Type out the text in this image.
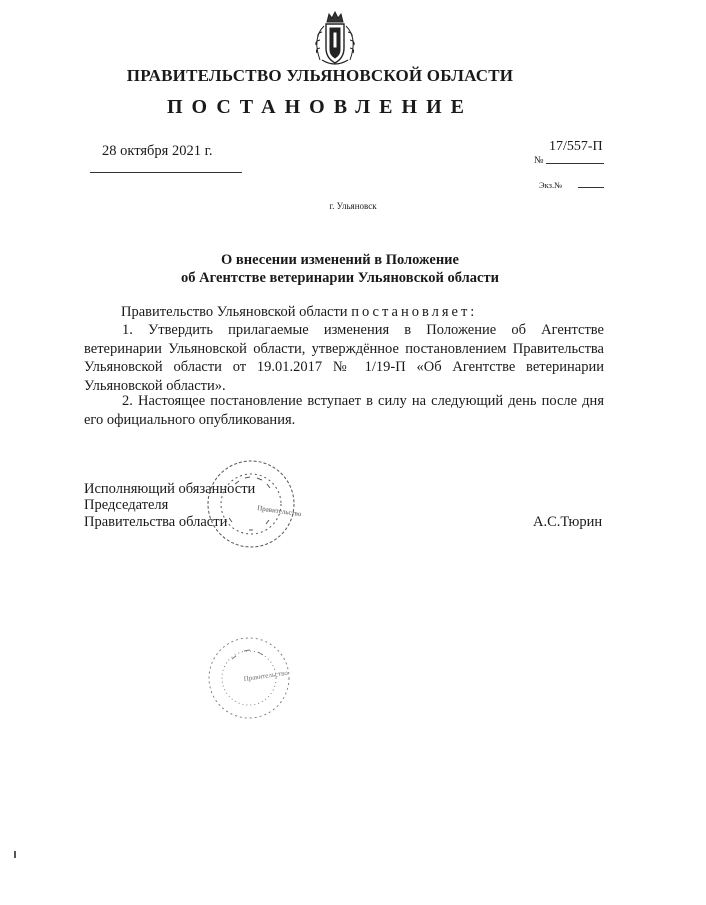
ПРАВИТЕЛЬСТВО УЛЬЯНОВСКОЙ ОБЛАСТИ
ПОСТАНОВЛЕНИЕ
28 октября 2021 г.
№
17/557-П
Экз.№
г. Ульяновск
О внесении изменений в Положение
об Агентстве ветеринарии Ульяновской области
Правительство Ульяновской области постановляет:
1. Утвердить прилагаемые изменения в Положение об Агентстве ветеринарии Ульяновской области, утверждённое постановлением Правительства Ульяновской области от 19.01.2017 № 1/19-П «Об Агентстве ветеринарии Ульяновской области».
2. Настоящее постановление вступает в силу на следующий день после дня его официального опубликования.
Исполняющий обязанности
Председателя
Правительства области	А.С.Тюрин
Правительство
Правительство
